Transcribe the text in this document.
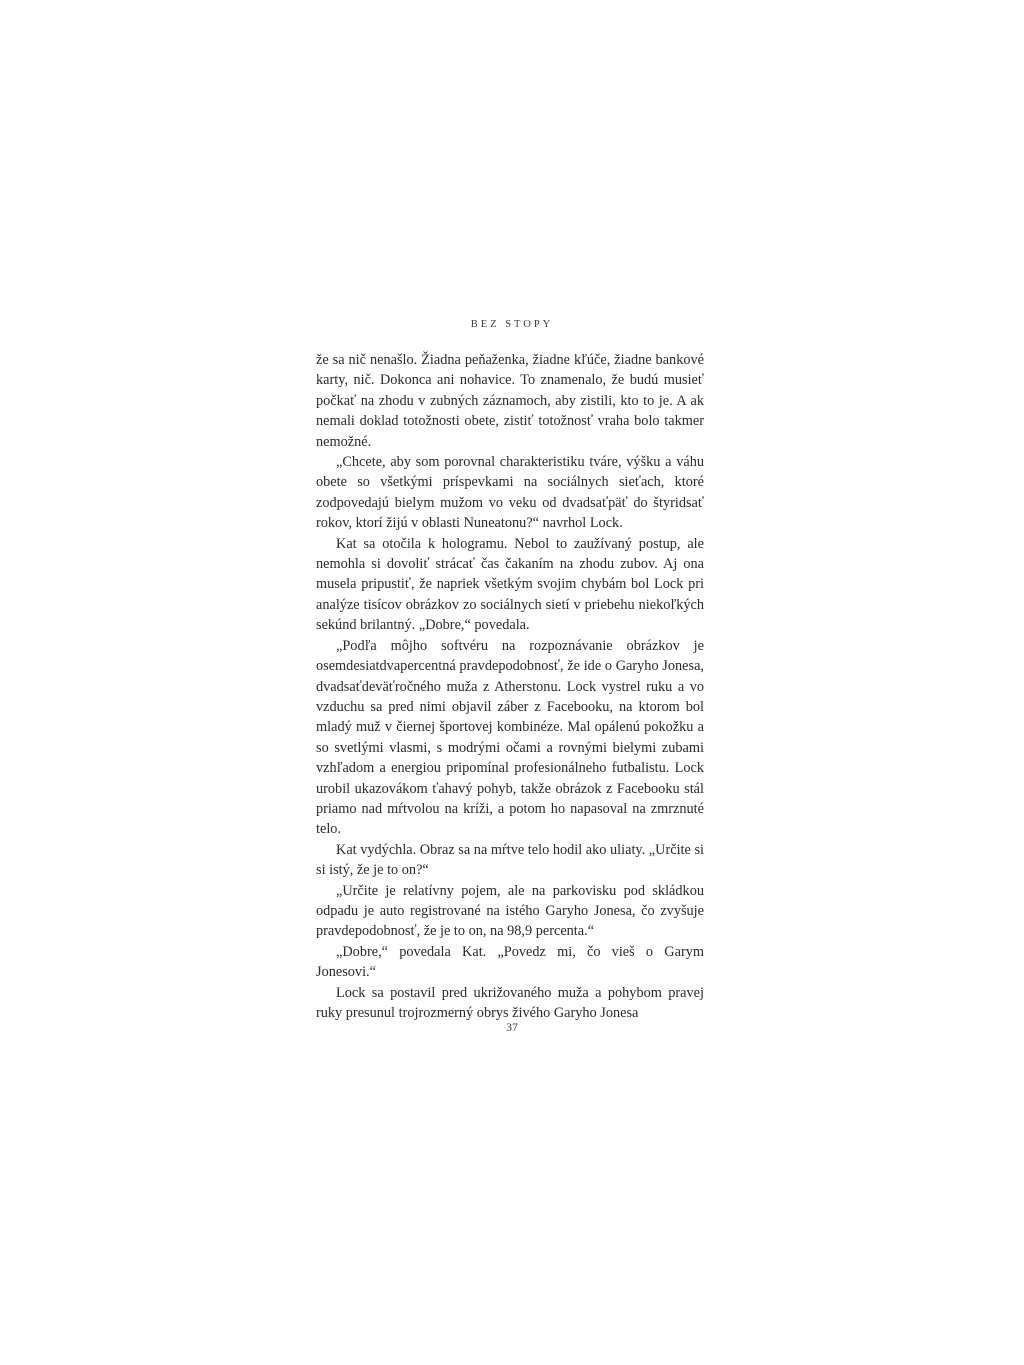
BEZ STOPY

že sa nič nenašlo. Žiadna peňaženka, žiadne kľúče, žiadne bankové karty, nič. Dokonca ani nohavice. To znamenalo, že budú musieť počkať na zhodu v zubných záznamoch, aby zistili, kto to je. A ak nemali doklad totožnosti obete, zistiť totožnosť vraha bolo takmer nemožné.

„Chcete, aby som porovnal charakteristiku tváre, výšku a váhu obete so všetkými príspevkami na sociálnych sieťach, ktoré zodpovedajú bielym mužom vo veku od dvadsaťpäť do štyridsať rokov, ktorí žijú v oblasti Nuneatonu?“ navrhol Lock.

Kat sa otočila k hologramu. Nebol to zaužívaný postup, ale nemohla si dovoliť strácať čas čakaním na zhodu zubov. Aj ona musela pripustiť, že napriek všetkým svojim chybám bol Lock pri analýze tisícov obrázkov zo sociálnych sietí v priebehu niekoľkých sekúnd brilantný. „Dobre,“ povedala.

„Podľa môjho softvéru na rozpoznávanie obrázkov je osemdesiatdvapercentná pravdepodobnosť, že ide o Garyho Jonesa, dvadsaťdeväťročného muža z Atherstonu. Lock vystrel ruku a vo vzduchu sa pred nimi objavil záber z Facebooku, na ktorom bol mladý muž v čiernej športovej kombinéze. Mal opálenú pokožku a so svetlými vlasmi, s modrými očami a rovnými bielymi zubami vzhľadom a energiou pripomínal profesionálneho futbalistu. Lock urobil ukazovákom ťahavý pohyb, takže obrázok z Facebooku stál priamo nad mŕtvolou na kríži, a potom ho napasoval na zmrznuté telo.

Kat vydýchla. Obraz sa na mŕtve telo hodil ako uliaty. „Určite si si istý, že je to on?“

„Určite je relatívny pojem, ale na parkovisku pod skládkou odpadu je auto registrované na istého Garyho Jonesa, čo zvyšuje pravdepodobnosť, že je to on, na 98,9 percenta.“

„Dobre,“ povedala Kat. „Povedz mi, čo vieš o Garym Jonesovi.“

Lock sa postavil pred ukrižovaného muža a pohybom pravej ruky presunul trojrozmerný obrys živého Garyho Jonesa

37
